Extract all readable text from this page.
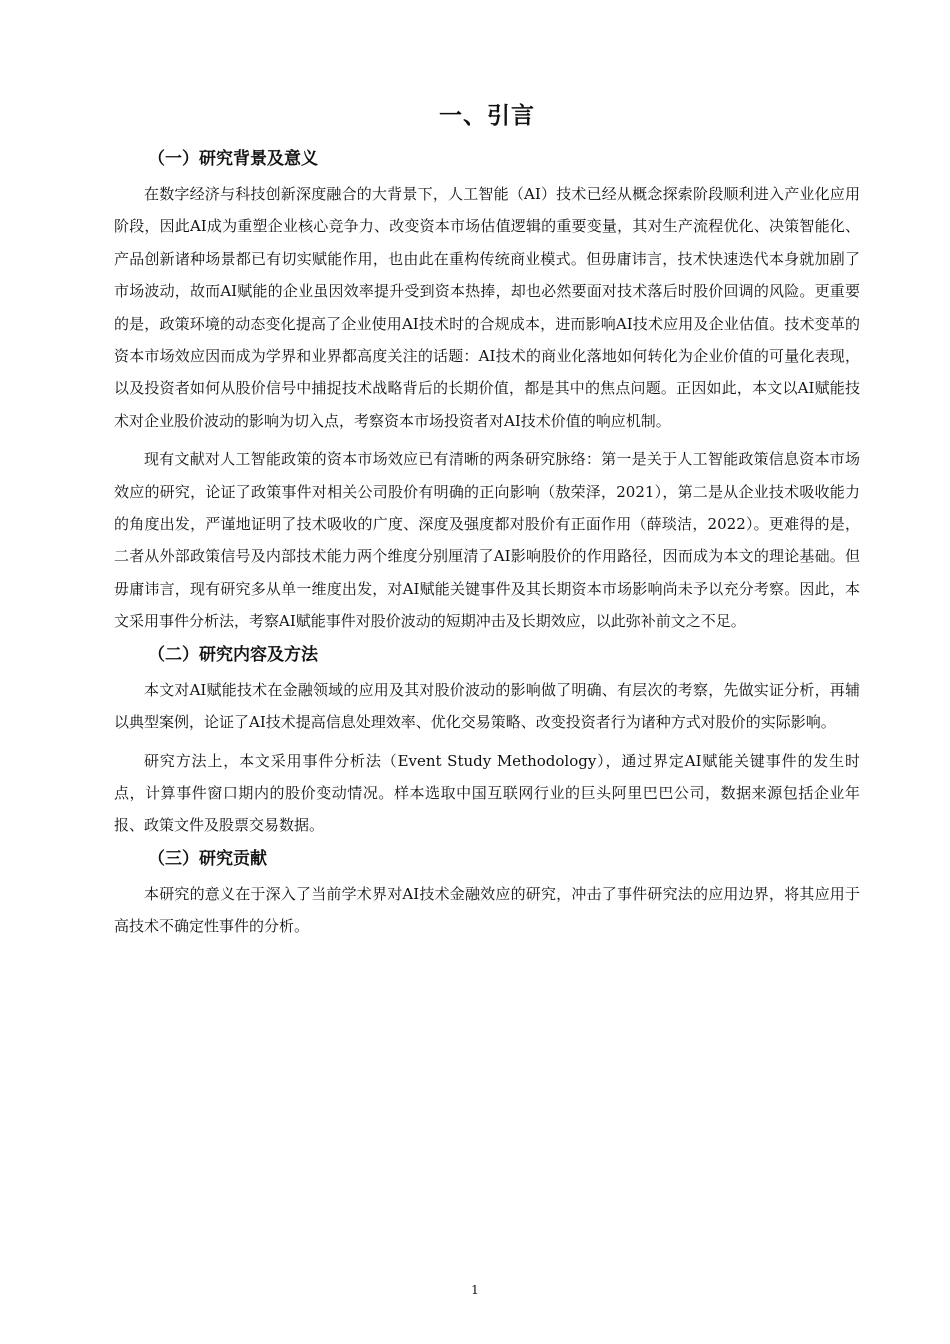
一、引言
（一）研究背景及意义

在数字经济与科技创新深度融合的大背景下，人工智能（AI）技术已经从概念探索阶段顺利进入产业化应用阶段，因此AI成为重塑企业核心竞争力、改变资本市场估值逻辑的重要变量，其对生产流程优化、决策智能化、产品创新诸种场景都已有切实赋能作用，也由此在重构传统商业模式。但毋庸讳言，技术快速迭代本身就加剧了市场波动，故而AI赋能的企业虽因效率提升受到资本热捧，却也必然要面对技术落后时股价回调的风险。更重要的是，政策环境的动态变化提高了企业使用AI技术时的合规成本，进而影响AI技术应用及企业估值。技术变革的资本市场效应因而成为学界和业界都高度关注的话题：AI技术的商业化落地如何转化为企业价值的可量化表现，以及投资者如何从股价信号中捕捉技术战略背后的长期价值，都是其中的焦点问题。正因如此，本文以AI赋能技术对企业股价波动的影响为切入点，考察资本市场投资者对AI技术价值的响应机制。

现有文献对人工智能政策的资本市场效应已有清晰的两条研究脉络：第一是关于人工智能政策信息资本市场效应的研究，论证了政策事件对相关公司股价有明确的正向影响（敖荣泽，2021），第二是从企业技术吸收能力的角度出发，严谨地证明了技术吸收的广度、深度及强度都对股价有正面作用（薛琰洁，2022）。更难得的是，二者从外部政策信号及内部技术能力两个维度分别厘清了AI影响股价的作用路径，因而成为本文的理论基础。但毋庸讳言，现有研究多从单一维度出发，对AI赋能关键事件及其长期资本市场影响尚未予以充分考察。因此，本文采用事件分析法，考察AI赋能事件对股价波动的短期冲击及长期效应，以此弥补前文之不足。

（二）研究内容及方法

本文对AI赋能技术在金融领域的应用及其对股价波动的影响做了明确、有层次的考察，先做实证分析，再辅以典型案例，论证了AI技术提高信息处理效率、优化交易策略、改变投资者行为诸种方式对股价的实际影响。

研究方法上，本文采用事件分析法（Event Study Methodology），通过界定AI赋能关键事件的发生时点，计算事件窗口期内的股价变动情况。样本选取中国互联网行业的巨头阿里巴巴公司，数据来源包括企业年报、政策文件及股票交易数据。

（三）研究贡献

本研究的意义在于深入了当前学术界对AI技术金融效应的研究，冲击了事件研究法的应用边界，将其应用于高技术不确定性事件的分析。

1
